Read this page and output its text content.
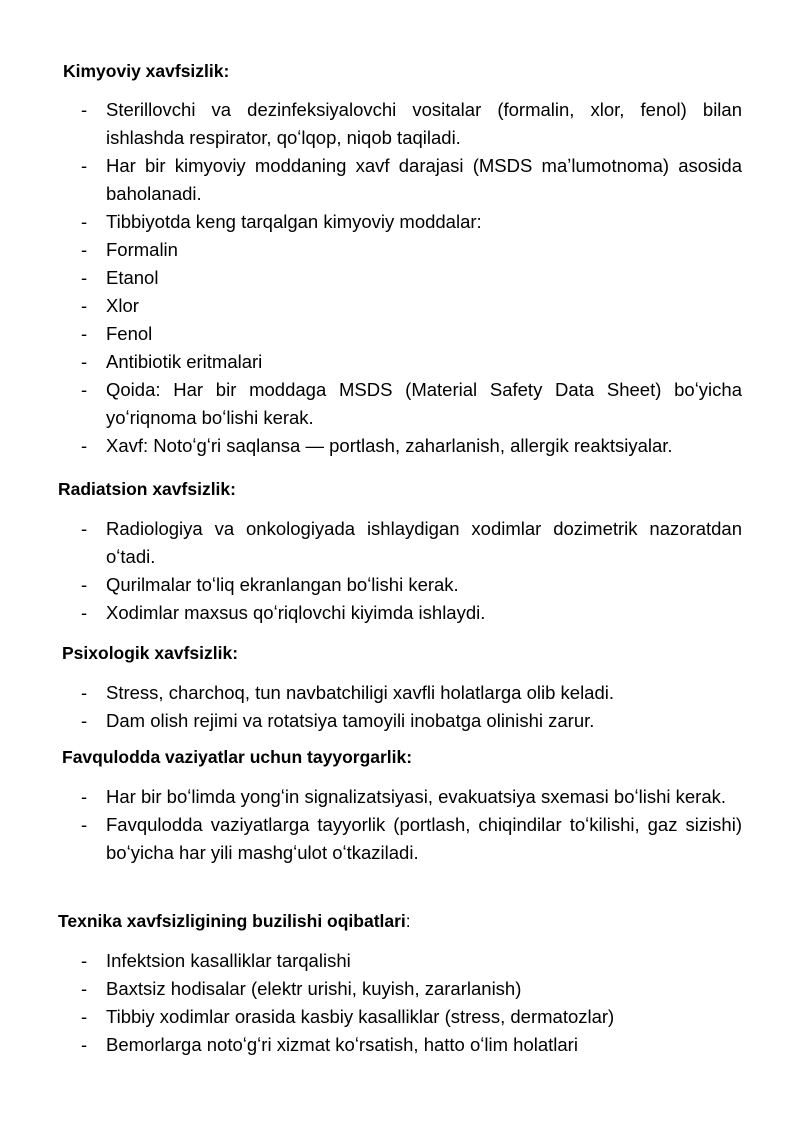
Kimyoviy xavfsizlik:
- Sterillovchi va dezinfeksiyalovchi vositalar (formalin, xlor, fenol) bilan ishlashda respirator, qoʻlqop, niqob taqiladi.
- Har bir kimyoviy moddaning xavf darajasi (MSDS maʼlumotnoma) asosida baholanadi.
- Tibbiyotda keng tarqalgan kimyoviy moddalar:
- Formalin
- Etanol
- Xlor
- Fenol
- Antibiotik eritmalari
- Qoida: Har bir moddaga MSDS (Material Safety Data Sheet) boʻyicha yoʻriqnoma boʻlishi kerak.
- Xavf: Notoʻgʻri saqlansa — portlash, zaharlanish, allergik reaktsiyalar.
Radiatsion xavfsizlik:
- Radiologiya va onkologiyada ishlaydigan xodimlar dozimetrik nazoratdan oʻtadi.
- Qurilmalar toʻliq ekranlangan boʻlishi kerak.
- Xodimlar maxsus qoʻriqlovchi kiyimda ishlaydi.
Psixologik xavfsizlik:
- Stress, charchoq, tun navbatchiligi xavfli holatlarga olib keladi.
- Dam olish rejimi va rotatsiya tamoyili inobatga olinishi zarur.
Favqulodda vaziyatlar uchun tayyorgarlik:
- Har bir boʻlimda yongʻin signalizatsiyasi, evakuatsiya sxemasi boʻlishi kerak.
- Favqulodda vaziyatlarga tayyorlik (portlash, chiqindilar toʻkilishi, gaz sizishi) boʻyicha har yili mashgʻulot oʻtkaziladi.
Texnika xavfsizligining buzilishi oqibatlari:
- Infektsion kasalliklar tarqalishi
- Baxtsiz hodisalar (elektr urishi, kuyish, zararlanish)
- Tibbiy xodimlar orasida kasbiy kasalliklar (stress, dermatozlar)
- Bemorlarga notoʻgʻri xizmat koʻrsatish, hatto oʻlim holatlari
